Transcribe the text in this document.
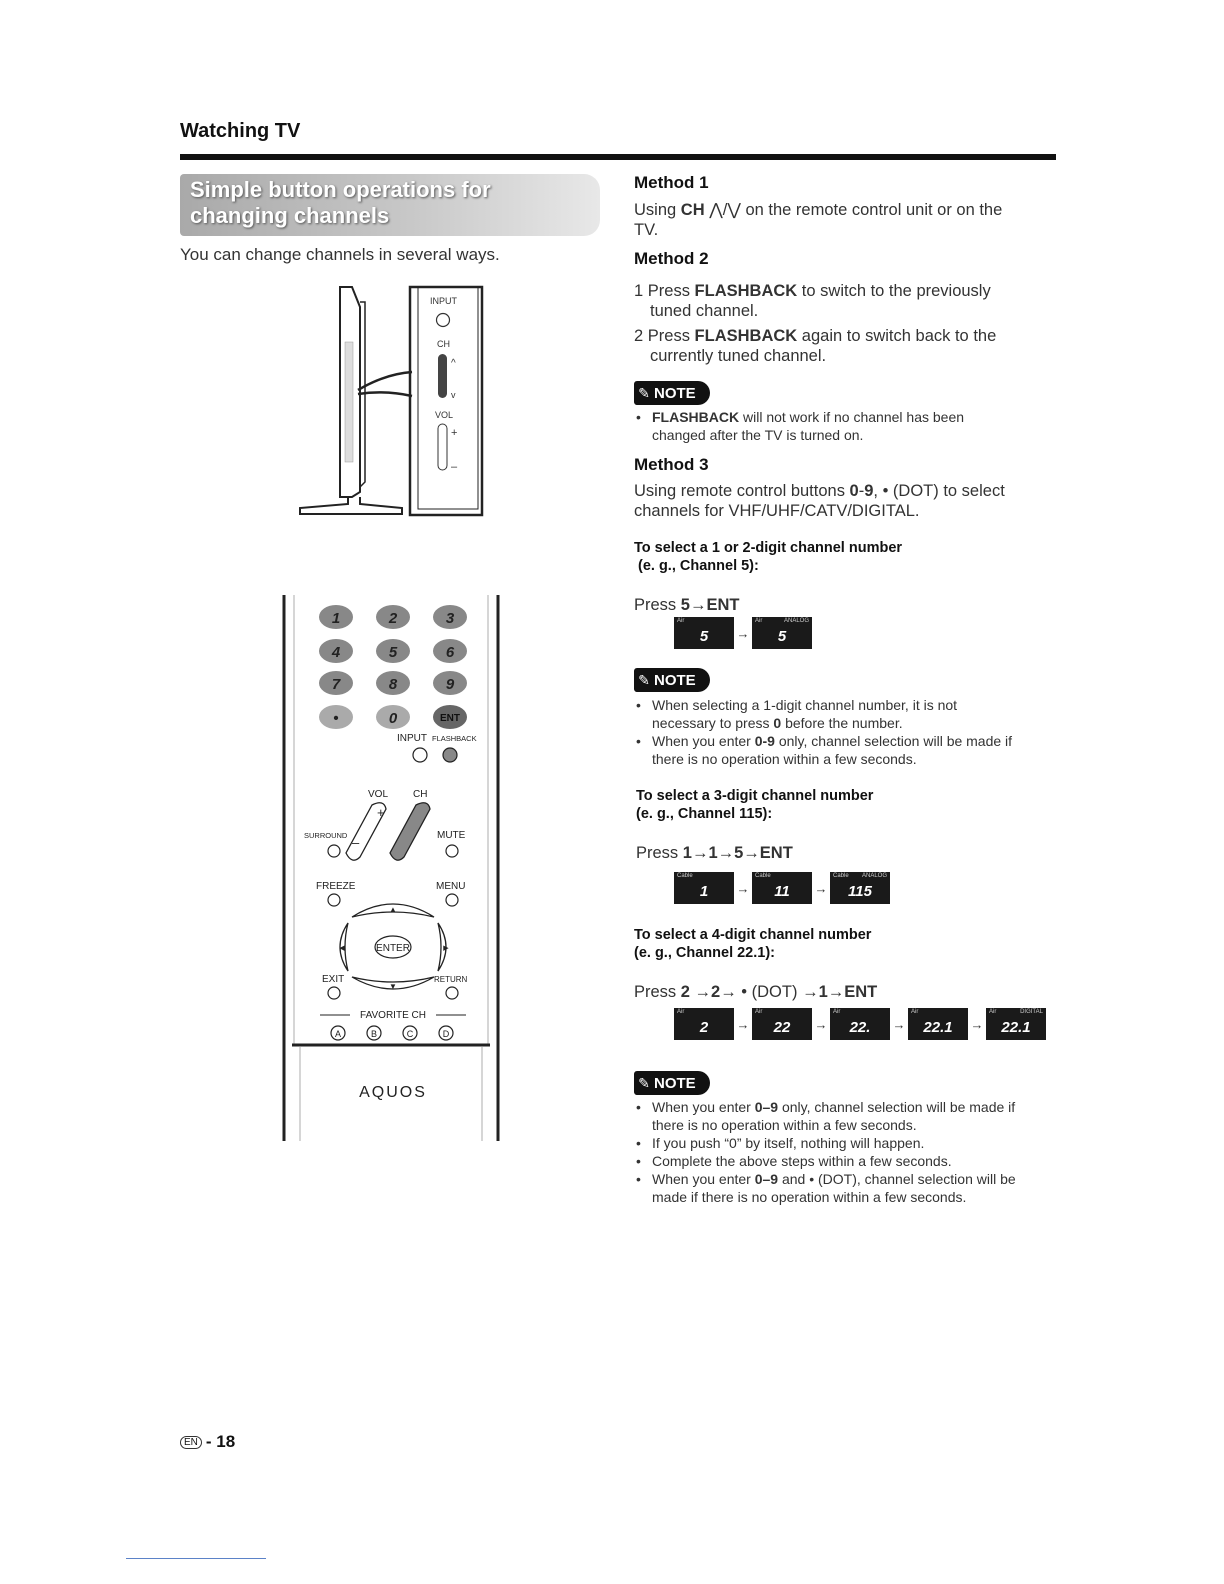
Watching TV
Simple button operations for
changing channels
You can change channels in several ways.
INPUT
CH
^
v
VOL
+
–
1	2	3
4	5	6
7	8	9
•	0	ENT
INPUT FLASHBACK
VOL CH
+
–
SURROUND	MUTE
FREEZE	MENU
▲
▼
◀	▶
ENTER
EXIT	RETURN
FAVORITE CH
A	B	C	D
AQUOS
Method 1
Using CH ⋀/⋁ on the remote control unit or on the
TV.
Method 2
1 Press FLASHBACK to switch to the previously
tuned channel.
2 Press FLASHBACK again to switch back to the
currently tuned channel.
✎ NOTE
• FLASHBACK will not work if no channel has been
changed after the TV is turned on.
Method 3
Using remote control buttons 0-9, • (DOT) to select
channels for VHF/UHF/CATV/DIGITAL.
To select a 1 or 2-digit channel number
(e. g., Channel 5):
Press 5→ENT
Air
5	→
Air	ANALOG
5
✎ NOTE
• When selecting a 1-digit channel number, it is not
necessary to press 0 before the number.
• When you enter 0-9 only, channel selection will be made if
there is no operation within a few seconds.
To select a 3-digit channel number
(e. g., Channel 115):
Press 1→1→5→ENT
Cable
1	→
Cable
11	→
Cable ANALOG
115
To select a 4-digit channel number
(e. g., Channel 22.1):
Press 2 →2→ • (DOT) →1→ENT
Air
2	→
Air
22	→
Air
22.	→
Air
22.1	→
Air	DIGITAL
22.1
✎ NOTE
• When you enter 0–9 only, channel selection will be made if
there is no operation within a few seconds.
• If you push “0” by itself, nothing will happen.
• Complete the above steps within a few seconds.
• When you enter 0–9 and • (DOT), channel selection will be
made if there is no operation within a few seconds.
EN - 18
